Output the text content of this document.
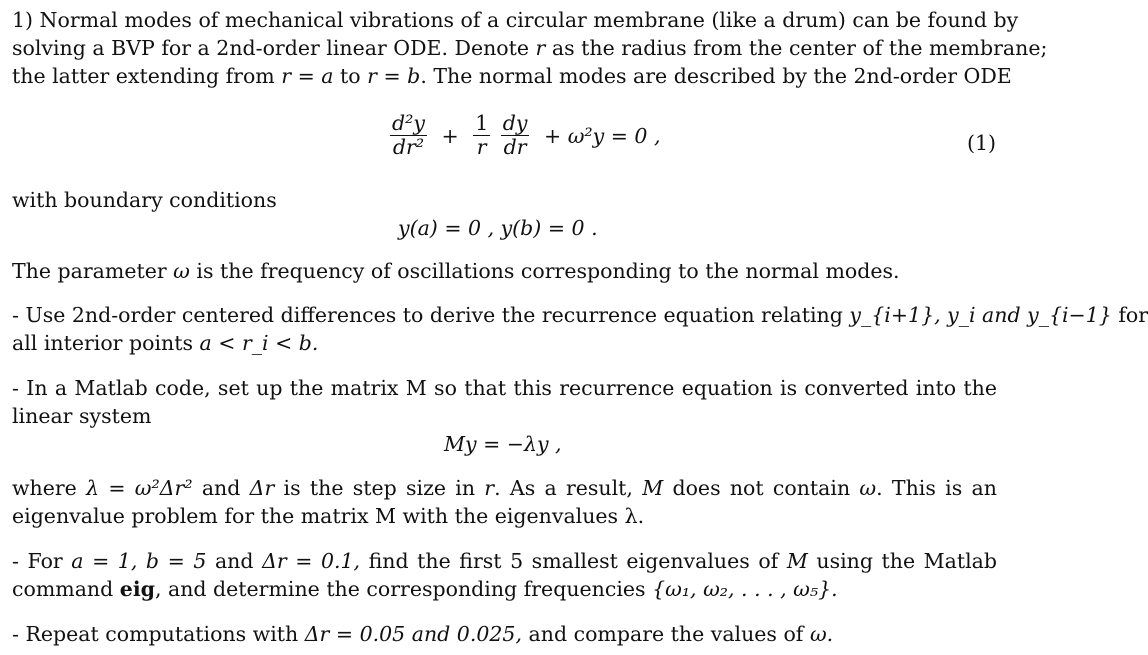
1) Normal modes of mechanical vibrations of a circular membrane (like a drum) can be found by
solving a BVP for a 2nd-order linear ODE. Denote r as the radius from the center of the membrane;
the latter extending from r = a to r = b. The normal modes are described by the 2nd-order ODE
$\frac{\text{d²y}}{\text{dr²}} + \frac{1}{r}$
$\frac{dy}{dr} + \omega^2y = 0$ ,	(1)
with boundary conditions
y(a) = 0 , y(b) = 0 .
The parameter ω is the frequency of oscillations corresponding to the normal modes.
- Use 2nd-order centered differences to derive the recurrence equation relating y_{i+1}, y_i and y_{i−1} for
all interior points a < r_i < b.
- In a Matlab code, set up the matrix M so that this recurrence equation is converted into the
linear system
My = −λy ,
where λ = ω²Δr² and Δr is the step size in r. As a result, M does not contain ω. This is an
eigenvalue problem for the matrix M with the eigenvalues λ.
- For a = 1, b = 5 and Δr = 0.1, find the first 5 smallest eigenvalues of M using the Matlab
command eig, and determine the corresponding frequencies {ω₁, ω₂, . . . , ω₅}.
- Repeat computations with Δr = 0.05 and 0.025, and compare the values of ω.
